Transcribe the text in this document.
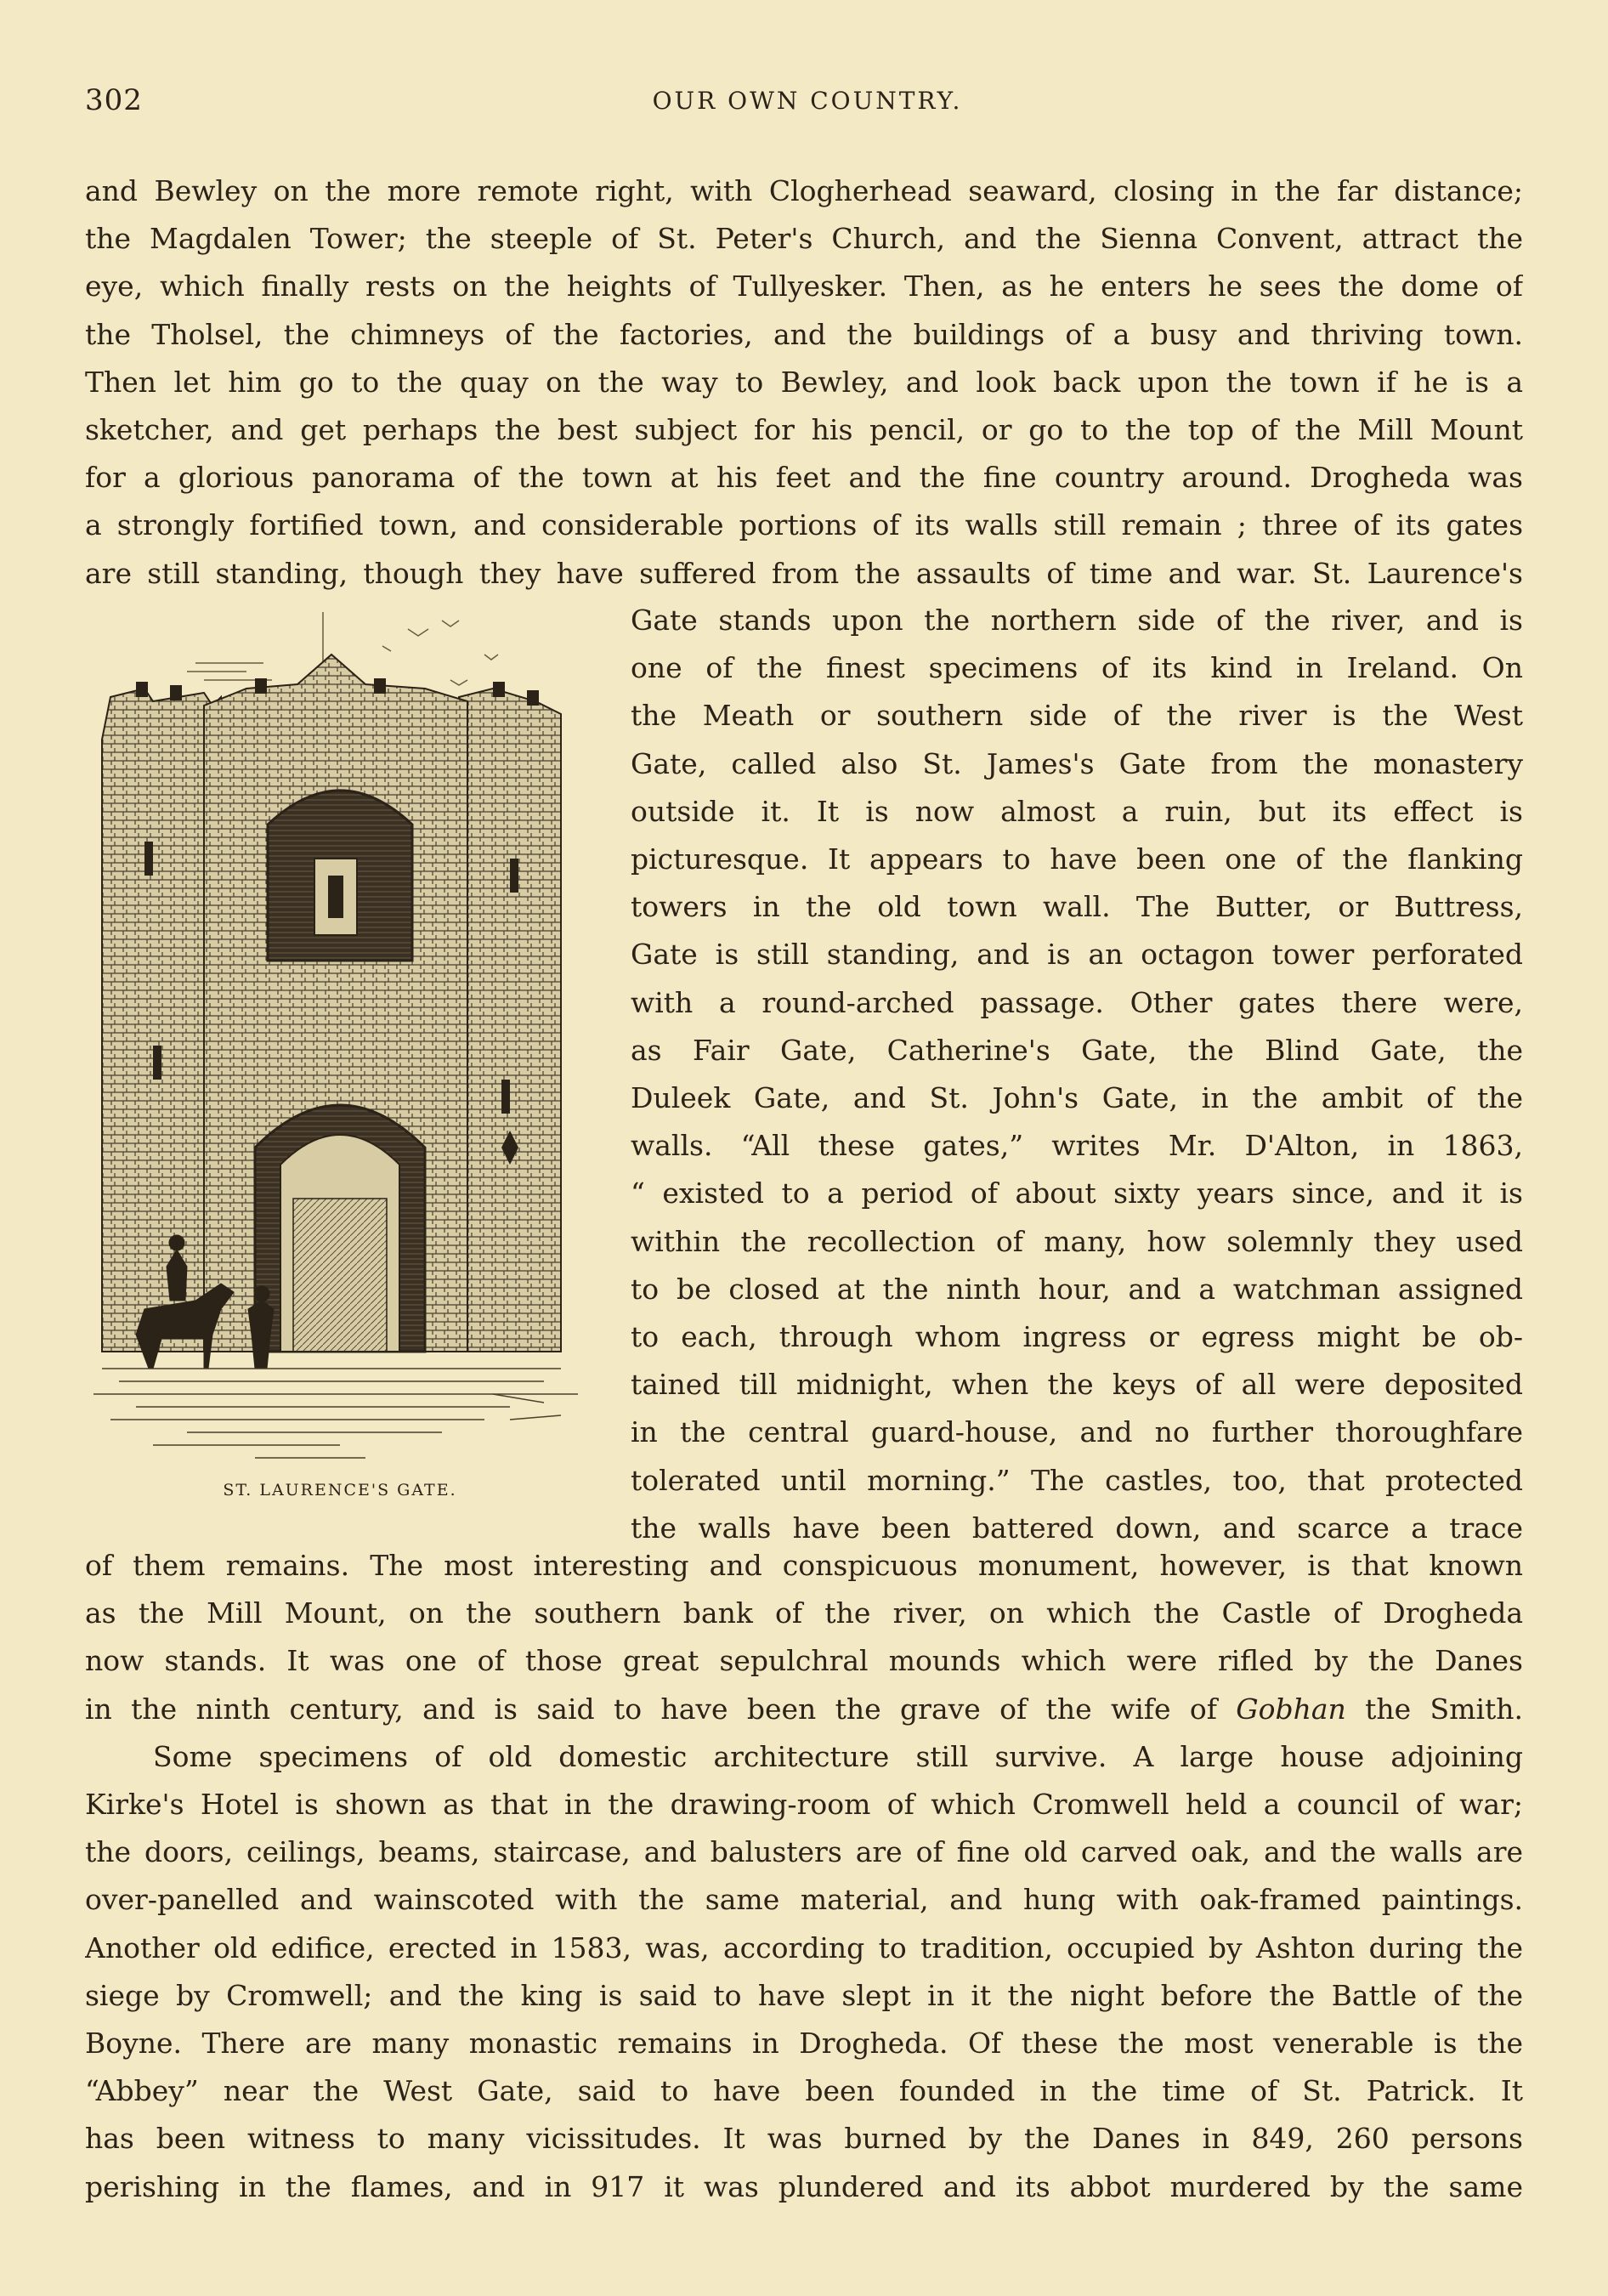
302	OUR OWN COUNTRY.
and Bewley on the more remote right, with Clogherhead seaward, closing in the far distance;
the Magdalen Tower; the steeple of St. Peter's Church, and the Sienna Convent, attract the
eye, which finally rests on the heights of Tullyesker. Then, as he enters he sees the dome of
the Tholsel, the chimneys of the factories, and the buildings of a busy and thriving town.
Then let him go to the quay on the way to Bewley, and look back upon the town if he is a
sketcher, and get perhaps the best subject for his pencil, or go to the top of the Mill Mount
for a glorious panorama of the town at his feet and the fine country around. Drogheda was
a strongly fortified town, and considerable portions of its walls still remain ; three of its gates
are still standing, though they have suffered from the assaults of time and war. St. Laurence's
ST. LAURENCE'S GATE.
Gate stands upon the northern side of the river, and is
one of the finest specimens of its kind in Ireland. On
the Meath or southern side of the river is the West
Gate, called also St. James's Gate from the monastery
outside it. It is now almost a ruin, but its effect is
picturesque. It appears to have been one of the flanking
towers in the old town wall. The Butter, or Buttress,
Gate is still standing, and is an octagon tower perforated
with a round-arched passage. Other gates there were,
as Fair Gate, Catherine's Gate, the Blind Gate, the
Duleek Gate, and St. John's Gate, in the ambit of the
walls. “All these gates,” writes Mr. D'Alton, in 1863,
“ existed to a period of about sixty years since, and it is
within the recollection of many, how solemnly they used
to be closed at the ninth hour, and a watchman assigned
to each, through whom ingress or egress might be ob-
tained till midnight, when the keys of all were deposited
in the central guard-house, and no further thoroughfare
tolerated until morning.” The castles, too, that protected
the walls have been battered down, and scarce a trace
of them remains. The most interesting and conspicuous monument, however, is that known
as the Mill Mount, on the southern bank of the river, on which the Castle of Drogheda
now stands. It was one of those great sepulchral mounds which were rifled by the Danes
in the ninth century, and is said to have been the grave of the wife of Gobhan the Smith.
Some specimens of old domestic architecture still survive. A large house adjoining
Kirke's Hotel is shown as that in the drawing-room of which Cromwell held a council of war;
the doors, ceilings, beams, staircase, and balusters are of fine old carved oak, and the walls are
over-panelled and wainscoted with the same material, and hung with oak-framed paintings.
Another old edifice, erected in 1583, was, according to tradition, occupied by Ashton during the
siege by Cromwell; and the king is said to have slept in it the night before the Battle of the
Boyne. There are many monastic remains in Drogheda. Of these the most venerable is the
“Abbey” near the West Gate, said to have been founded in the time of St. Patrick. It
has been witness to many vicissitudes. It was burned by the Danes in 849, 260 persons
perishing in the flames, and in 917 it was plundered and its abbot murdered by the same
